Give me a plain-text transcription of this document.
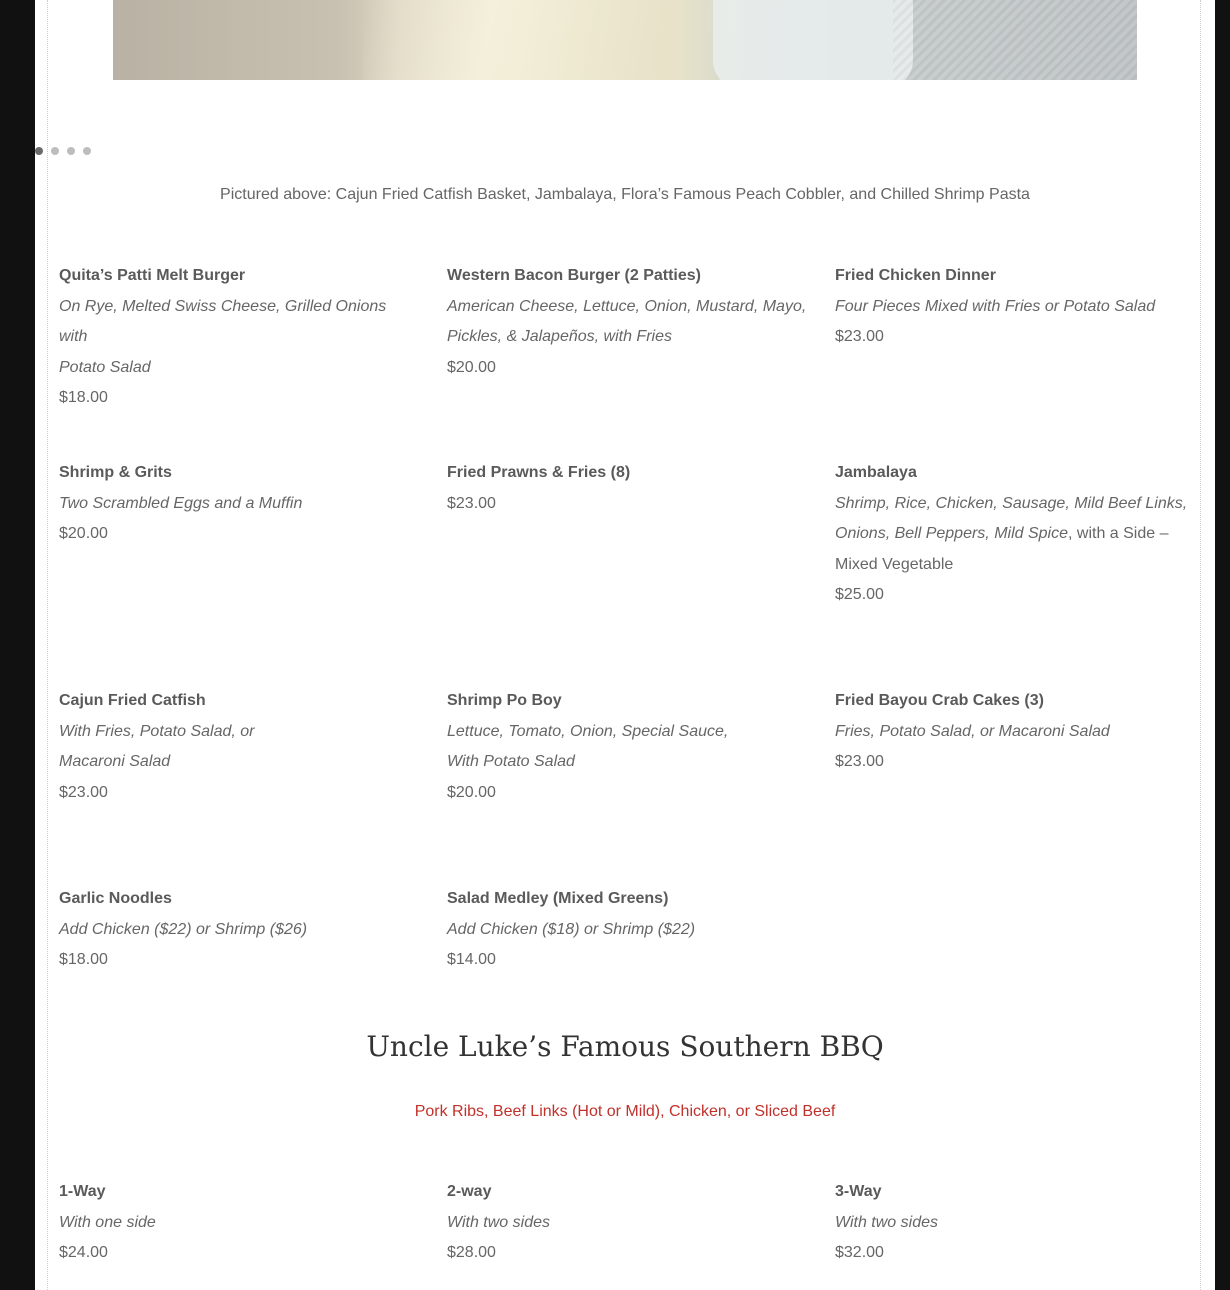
Pictured above: Cajun Fried Catfish Basket, Jambalaya, Flora’s Famous Peach Cobbler, and Chilled Shrimp Pasta
Quita’s Patti Melt Burger
On Rye, Melted Swiss Cheese, Grilled Onions with
Potato Salad
$18.00
Western Bacon Burger (2 Patties)
American Cheese, Lettuce, Onion, Mustard, Mayo,
Pickles, & Jalapeños, with Fries
$20.00
Fried Chicken Dinner
Four Pieces Mixed with Fries or Potato Salad
$23.00
Shrimp & Grits
Two Scrambled Eggs and a Muffin
$20.00
Fried Prawns & Fries (8)
$23.00
Jambalaya
Shrimp, Rice, Chicken, Sausage, Mild Beef Links,
Onions, Bell Peppers, Mild Spice, with a Side –
Mixed Vegetable
$25.00
Cajun Fried Catfish
With Fries, Potato Salad, or
Macaroni Salad
$23.00
Shrimp Po Boy
Lettuce, Tomato, Onion, Special Sauce,
With Potato Salad
$20.00
Fried Bayou Crab Cakes (3)
Fries, Potato Salad, or Macaroni Salad
$23.00
Garlic Noodles
Add Chicken ($22) or Shrimp ($26)
$18.00
Salad Medley (Mixed Greens)
Add Chicken ($18) or Shrimp ($22)
$14.00
Uncle Luke’s Famous Southern BBQ
Pork Ribs, Beef Links (Hot or Mild), Chicken, or Sliced Beef
1-Way
With one side
$24.00
2-way
With two sides
$28.00
3-Way
With two sides
$32.00
